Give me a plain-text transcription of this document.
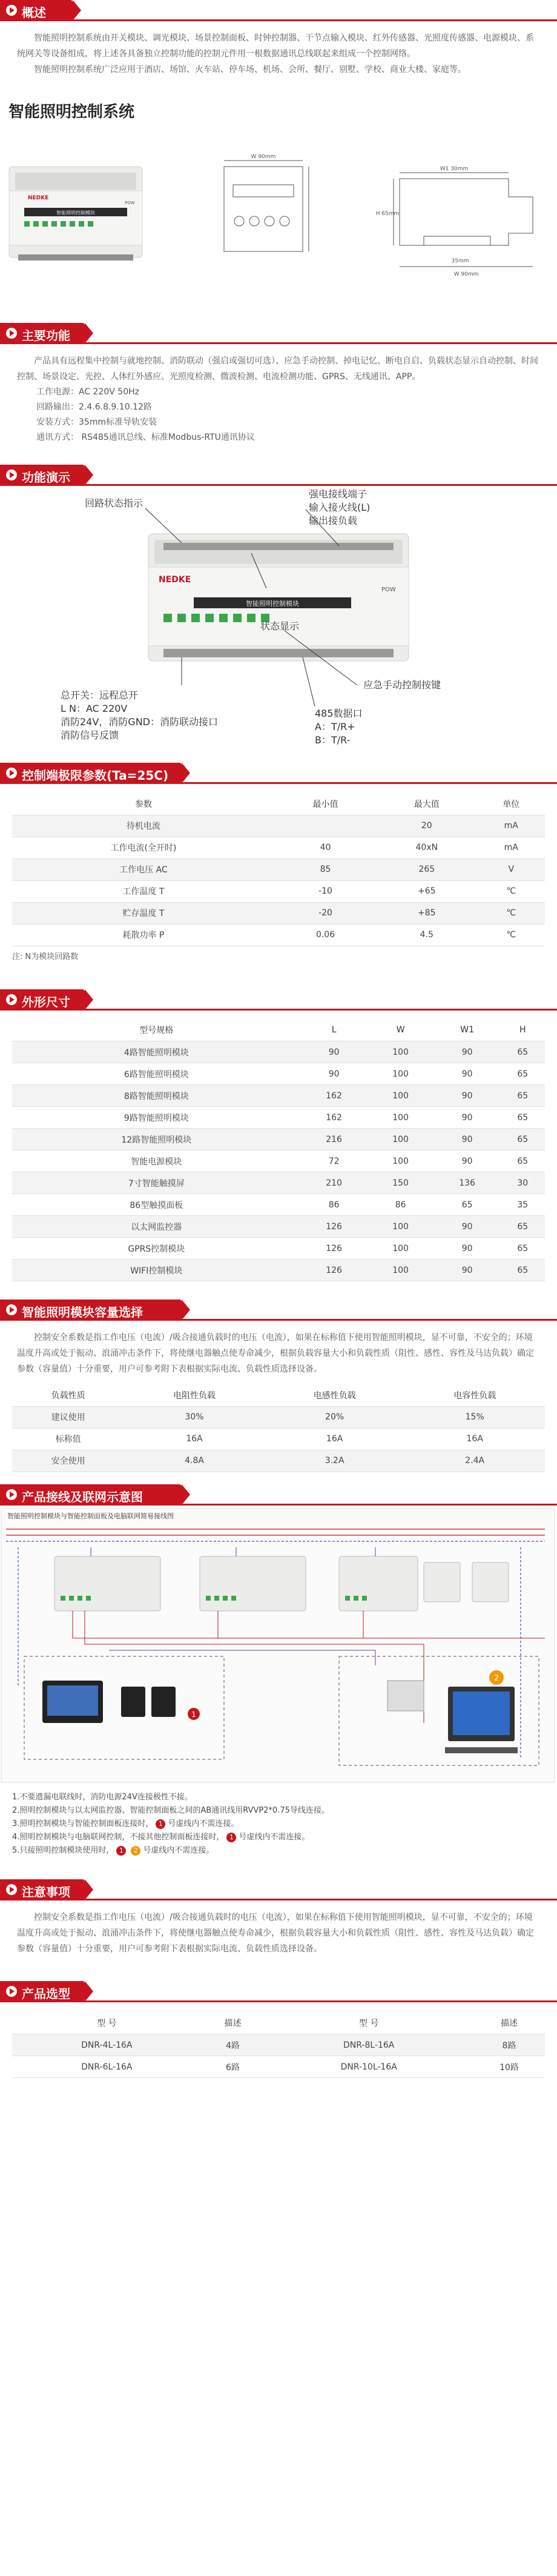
概述

智能照明控制系统由开关模块、调光模块、场景控制面板、时钟控制器、干节点输入模块、红外传感器、光照度传感器、电源模块、系统网关等设备组成，将上述各具备独立控制功能的控制元件用一根数据通讯总线联起来组成一个控制网络。

智能照明控制系统广泛应用于酒店、场馆、火车站、停车场、机场、会所、餐厅、别墅、学校、商业大楼、家庭等。

智能照明控制系统
NEDKE
智能照明控制模块
POW
W 90mm
W1 30mm
35mm
W 90mm
H 65mm
主要功能

产品具有远程集中控制与就地控制、消防联动（强启或强切可选）、应急手动控制、掉电记忆、断电自启、负载状态显示自动控制、时间控制、场景设定、光控、人体红外感应、光照度检测、微波检测、电流检测功能、GPRS、无线通讯、APP。

工作电源：AC 220V 50Hz
回路输出：2.4.6.8.9.10.12路
安装方式：35mm标准导轨安装
通讯方式： RS485通讯总线、标准Modbus-RTU通讯协议
功能演示
NEDKE
智能照明控制模块
POW
回路状态指示
强电接线端子
输入接火线(L)
输出接负载
状态显示
应急手动控制按键
总开关：远程总开
L N：AC 220V
消防24V，消防GND：消防联动接口
消防信号反馈
485数据口
A：T/R+
B：T/R-
控制端极限参数(Ta=25C)
参数	最小值	最大值	单位
待机电流		20	mA
工作电流(全开时)	40	40xN	mA
工作电压 AC	85	265	V
工作温度 T	-10	+65	℃
贮存温度 T	-20	+85	℃
耗散功率 P	0.06	4.5	℃
注: N为模块回路数
外形尺寸
型号规格	L	W	W1	H
4路智能照明模块	90	100	90	65
6路智能照明模块	90	100	90	65
8路智能照明模块	162	100	90	65
9路智能照明模块	162	100	90	65
12路智能照明模块	216	100	90	65
智能电源模块	72	100	90	65
7寸智能触摸屏	210	150	136	30
86型触摸面板	86	86	65	35
以太网监控器	126	100	90	65
GPRS控制模块	126	100	90	65
WIFI控制模块	126	100	90	65
智能照明模块容量选择

控制安全系数是指工作电压（电流）/吸合接通负载时的电压（电流），如果在标称值下使用智能照明模块，显不可靠，不安全的；环境温度升高或处于振动、浪涌冲击条件下，将使继电器触点使寿命减少，根据负载容量大小和负载性质（阻性、感性、容性及马达负载）确定参数（容量值）十分重要，用户可参考附下表根据实际电流、负载性质选择设备。

负载性质	电阻性负载	电感性负载	电容性负载
建议使用	30%	20%	15%
标称值	16A	16A	16A
安全使用	4.8A	3.2A	2.4A
产品接线及联网示意图
智能照明控制模块与智能控制面板及电脑联网简易接线图
1
2
1.不要遗漏电联线时，消防电源24V连接极性不接。
2.照明控制模块与以太网监控器、智能控制面板之间的AB通讯线用RVVP2*0.75导线连接。
3.照明控制模块与智能控制面板连接时， 1 号虚线内不需连接。
4.照明控制模块与电脑联网控制，不接其他控制面板连接时， 1 号虚线内不需连接。
5.只接照明控制模块使用时， 1 2 号虚线内不需连接。
注意事项

控制安全系数是指工作电压（电流）/吸合接通负载时的电压（电流），如果在标称值下使用智能照明模块，显不可靠，不安全的；环境温度升高或处于振动、浪涌冲击条件下，将使继电器触点使寿命减少，根据负载容量大小和负载性质（阻性、感性、容性及马达负载）确定参数（容量值）十分重要，用户可参考附下表根据实际电流、负载性质选择设备。

产品选型
型 号	描述	型 号	描述
DNR-4L-16A	4路	DNR-8L-16A	8路
DNR-6L-16A	6路	DNR-10L-16A	10路
